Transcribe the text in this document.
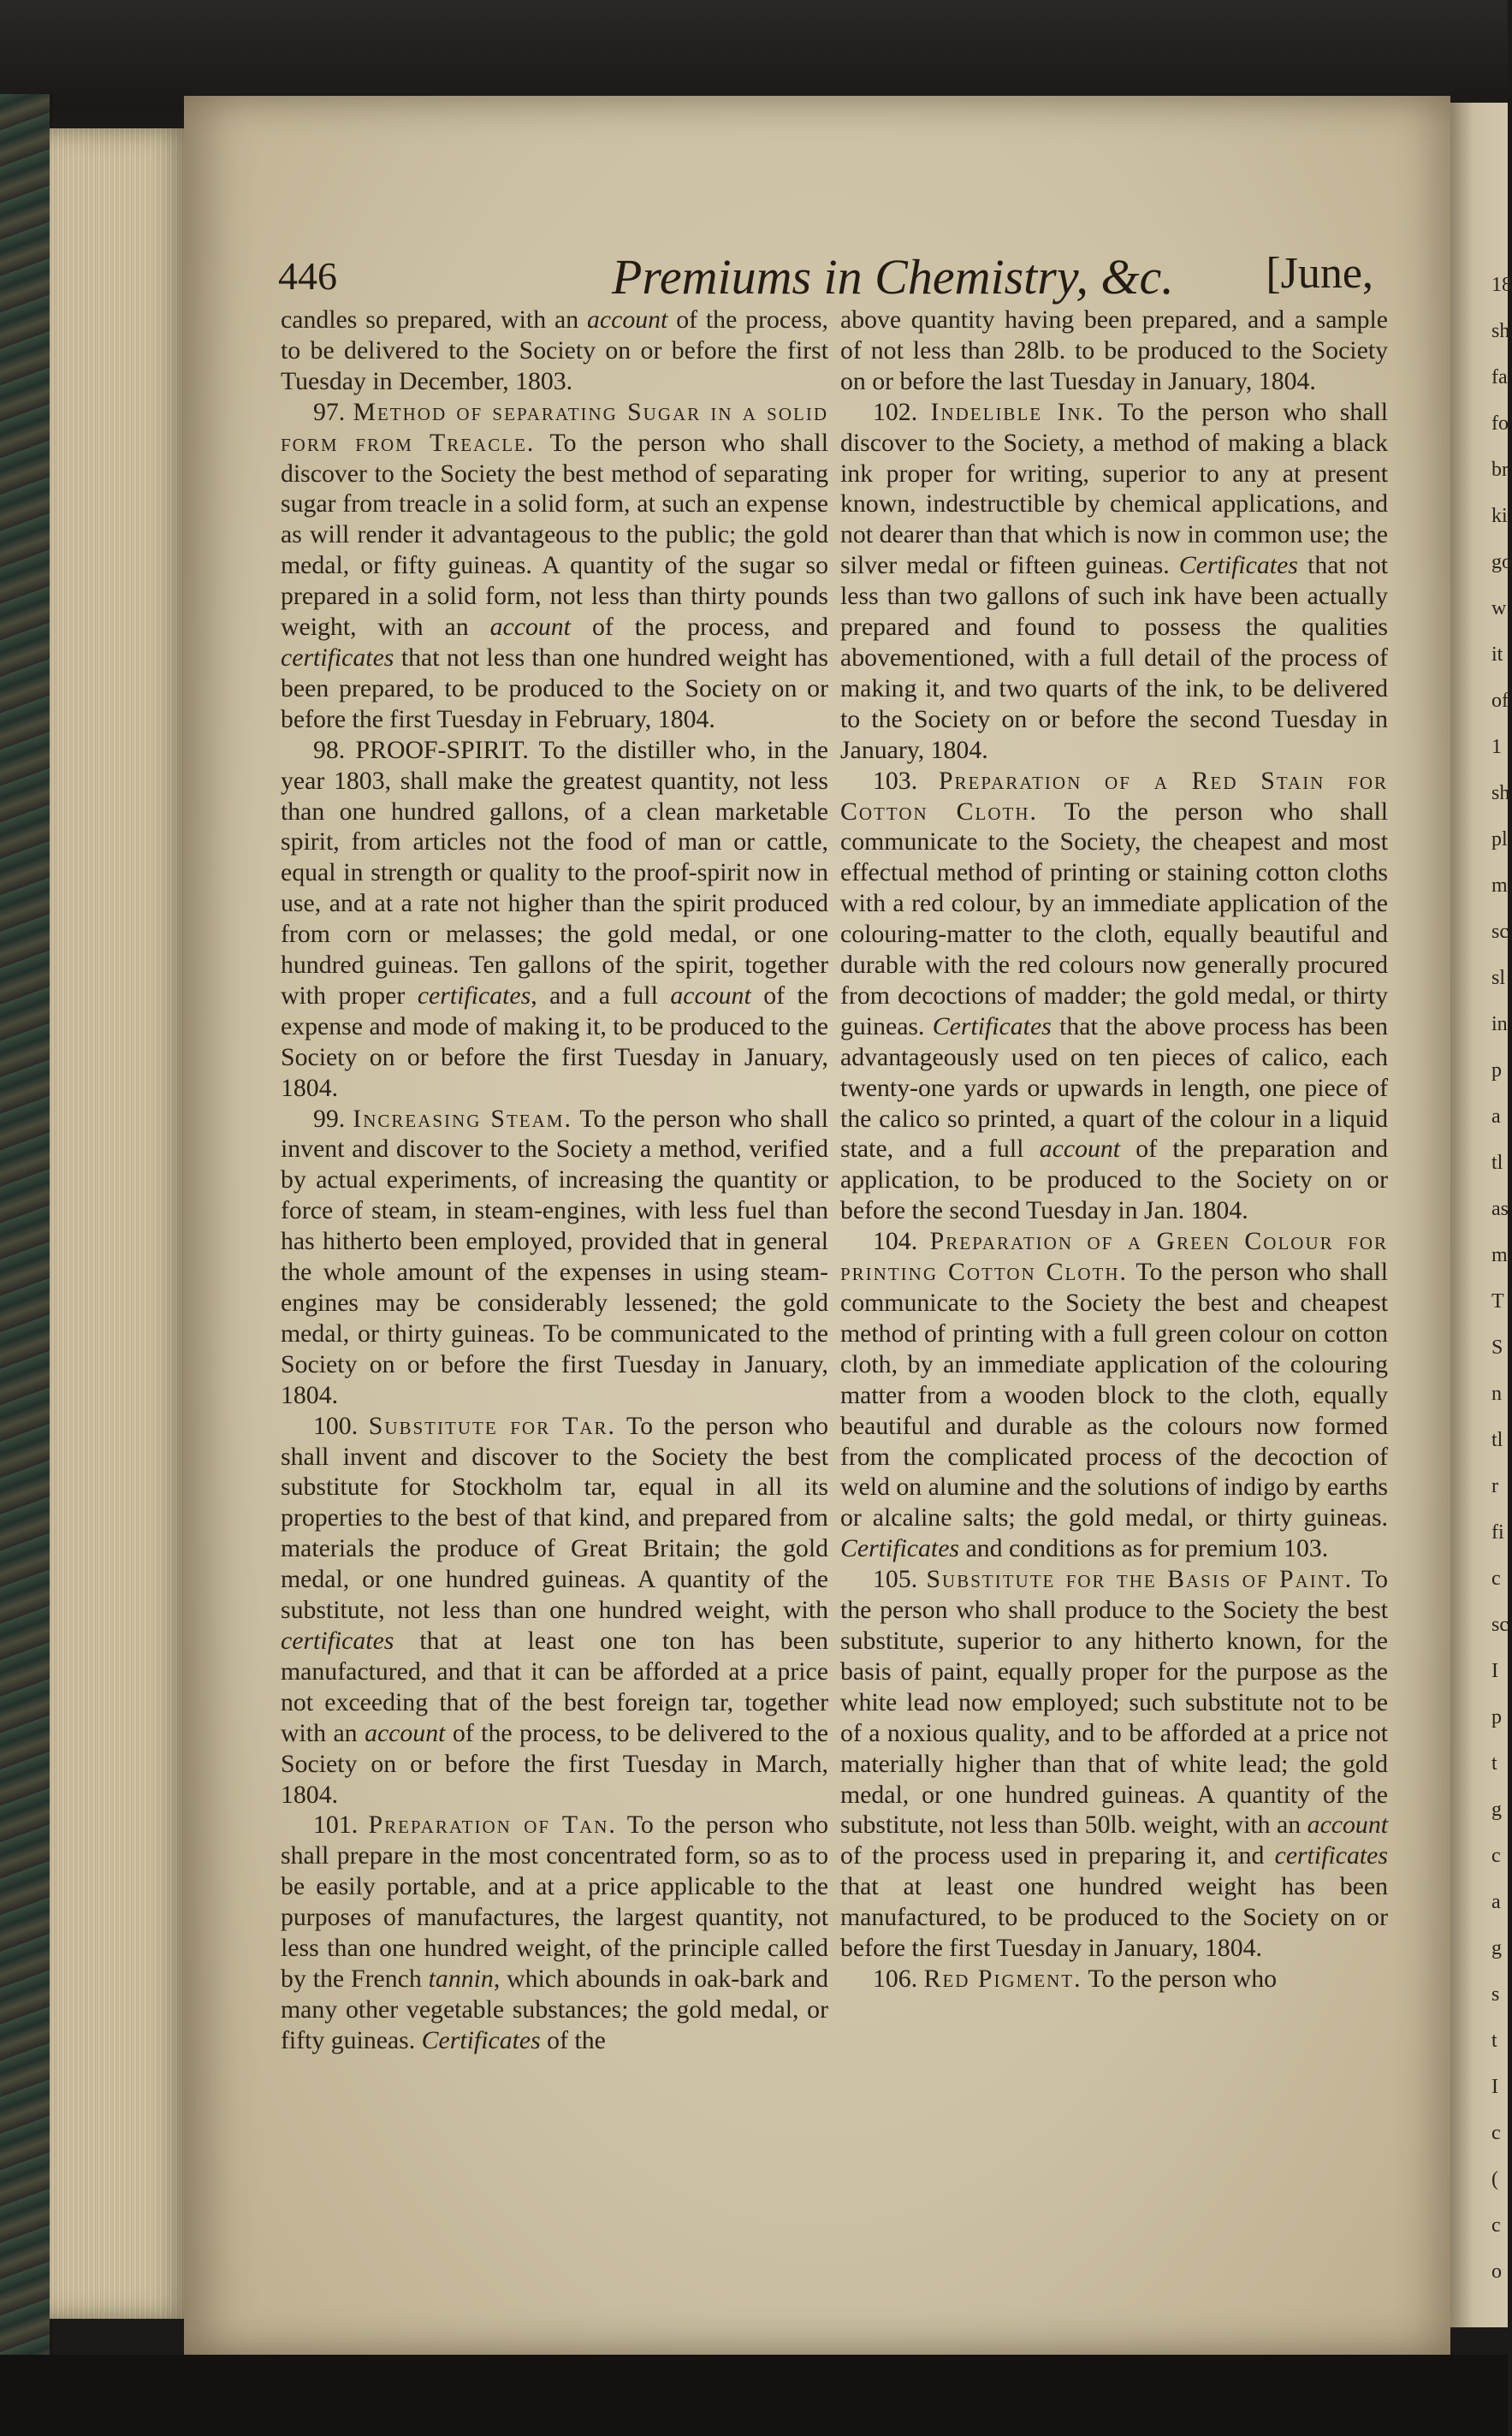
18
sh
fa
fo
br
ki
go
w
it
of
1
sh
pl
m
sc
sl
in
p
a
tl
as
m
T
S
n
tl
r
fi
c
sc
I
p
t
g
c
a
g
s
t
I
c
(
c
o
446	Premiums in Chemistry, &c. [June,

candles so prepared, with an account of the process, to be delivered to the Society on or before the first Tuesday in December, 1803.

97. Method of separating Sugar in a solid form from Treacle. To the person who shall discover to the Society the best method of separating sugar from treacle in a solid form, at such an expense as will render it advantageous to the public; the gold medal, or fifty guineas. A quantity of the sugar so prepared in a solid form, not less than thirty pounds weight, with an account of the process, and certificates that not less than one hundred weight has been prepared, to be produced to the Society on or before the first Tuesday in February, 1804.

98. PROOF-SPIRIT. To the distiller who, in the year 1803, shall make the greatest quantity, not less than one hundred gallons, of a clean marketable spirit, from articles not the food of man or cattle, equal in strength or quality to the proof-spirit now in use, and at a rate not higher than the spirit produced from corn or melasses; the gold medal, or one hundred guineas. Ten gallons of the spirit, together with proper certificates, and a full account of the expense and mode of making it, to be produced to the Society on or before the first Tuesday in January, 1804.

99. Increasing Steam. To the person who shall invent and discover to the Society a method, verified by actual experiments, of increasing the quantity or force of steam, in steam-engines, with less fuel than has hitherto been employed, provided that in general the whole amount of the expenses in using steam-engines may be considerably lessened; the gold medal, or thirty guineas. To be communicated to the Society on or before the first Tuesday in January, 1804.

100. Substitute for Tar. To the person who shall invent and discover to the Society the best substitute for Stockholm tar, equal in all its properties to the best of that kind, and prepared from materials the produce of Great Britain; the gold medal, or one hundred guineas. A quantity of the substitute, not less than one hundred weight, with certificates that at least one ton has been manufactured, and that it can be afforded at a price not exceeding that of the best foreign tar, together with an account of the process, to be delivered to the Society on or before the first Tuesday in March, 1804.

101. Preparation of Tan. To the person who shall prepare in the most concentrated form, so as to be easily portable, and at a price applicable to the purposes of manufactures, the largest quantity, not less than one hundred weight, of the principle called by the French tannin, which abounds in oak-bark and many other vegetable substances; the gold medal, or fifty guineas. Certificates of the

above quantity having been prepared, and a sample of not less than 28lb. to be produced to the Society on or before the last Tuesday in January, 1804.

102. Indelible Ink. To the person who shall discover to the Society, a method of making a black ink proper for writing, superior to any at present known, indestructible by chemical applications, and not dearer than that which is now in common use; the silver medal or fifteen guineas. Certificates that not less than two gallons of such ink have been actually prepared and found to possess the qualities abovementioned, with a full detail of the process of making it, and two quarts of the ink, to be delivered to the Society on or before the second Tuesday in January, 1804.

103. Preparation of a Red Stain for Cotton Cloth. To the person who shall communicate to the Society, the cheapest and most effectual method of printing or staining cotton cloths with a red colour, by an immediate application of the colouring-matter to the cloth, equally beautiful and durable with the red colours now generally procured from decoctions of madder; the gold medal, or thirty guineas. Certificates that the above process has been advantageously used on ten pieces of calico, each twenty-one yards or upwards in length, one piece of the calico so printed, a quart of the colour in a liquid state, and a full account of the preparation and application, to be produced to the Society on or before the second Tuesday in Jan. 1804.

104. Preparation of a Green Colour for printing Cotton Cloth. To the person who shall communicate to the Society the best and cheapest method of printing with a full green colour on cotton cloth, by an immediate application of the colouring matter from a wooden block to the cloth, equally beautiful and durable as the colours now formed from the complicated process of the decoction of weld on alumine and the solutions of indigo by earths or alcaline salts; the gold medal, or thirty guineas. Certificates and conditions as for premium 103.

105. Substitute for the Basis of Paint. To the person who shall produce to the Society the best substitute, superior to any hitherto known, for the basis of paint, equally proper for the purpose as the white lead now employed; such substitute not to be of a noxious quality, and to be afforded at a price not materially higher than that of white lead; the gold medal, or one hundred guineas. A quantity of the substitute, not less than 50lb. weight, with an account of the process used in preparing it, and certificates that at least one hundred weight has been manufactured, to be produced to the Society on or before the first Tuesday in January, 1804.

106. Red Pigment. To the person who
